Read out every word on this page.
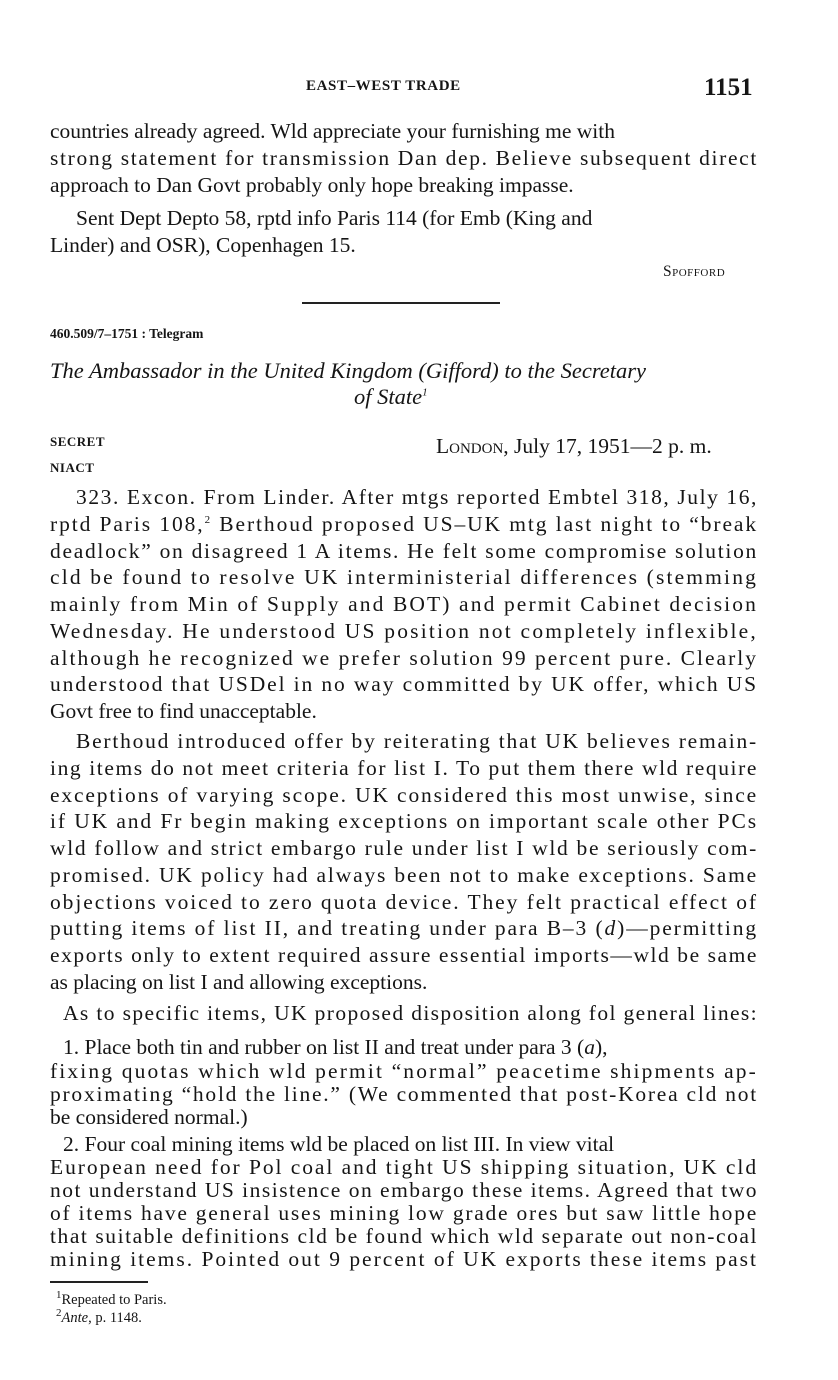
EAST–WEST TRADE	1151
countries already agreed. Wld appreciate your furnishing me with
strong statement for transmission Dan dep. Believe subsequent direct
approach to Dan Govt probably only hope breaking impasse.
Sent Dept Depto 58, rptd info Paris 114 (for Emb (King and
Linder) and OSR), Copenhagen 15.
Spofford
460.509/7–1751 : Telegram
The Ambassador in the United Kingdom (Gifford) to the Secretary
of State$^1$
SECRET
NIACT
London, July 17, 1951—2 p. m.
323. Excon. From Linder. After mtgs reported Embtel 318, July 16,
rptd Paris 108,$^2$ Berthoud proposed US–UK mtg last night to “break
deadlock” on disagreed 1 A items. He felt some compromise solution
cld be found to resolve UK interministerial differences (stemming
mainly from Min of Supply and BOT) and permit Cabinet decision
Wednesday. He understood US position not completely inflexible,
although he recognized we prefer solution 99 percent pure. Clearly
understood that USDel in no way committed by UK offer, which US
Govt free to find unacceptable.
Berthoud introduced offer by reiterating that UK believes remain-
ing items do not meet criteria for list I. To put them there wld require
exceptions of varying scope. UK considered this most unwise, since
if UK and Fr begin making exceptions on important scale other PCs
wld follow and strict embargo rule under list I wld be seriously com-
promised. UK policy had always been not to make exceptions. Same
objections voiced to zero quota device. They felt practical effect of
putting items of list II, and treating under para B–3 (d)—permitting
exports only to extent required assure essential imports—wld be same
as placing on list I and allowing exceptions.
As to specific items, UK proposed disposition along fol general lines:
1. Place both tin and rubber on list II and treat under para 3 (a),
fixing quotas which wld permit “normal” peacetime shipments ap-
proximating “hold the line.” (We commented that post-Korea cld not
be considered normal.)
2. Four coal mining items wld be placed on list III. In view vital
European need for Pol coal and tight US shipping situation, UK cld
not understand US insistence on embargo these items. Agreed that two
of items have general uses mining low grade ores but saw little hope
that suitable definitions cld be found which wld separate out non-coal
mining items. Pointed out 9 percent of UK exports these items past
$^1$Repeated to Paris.
$^2$Ante, p. 1148.
